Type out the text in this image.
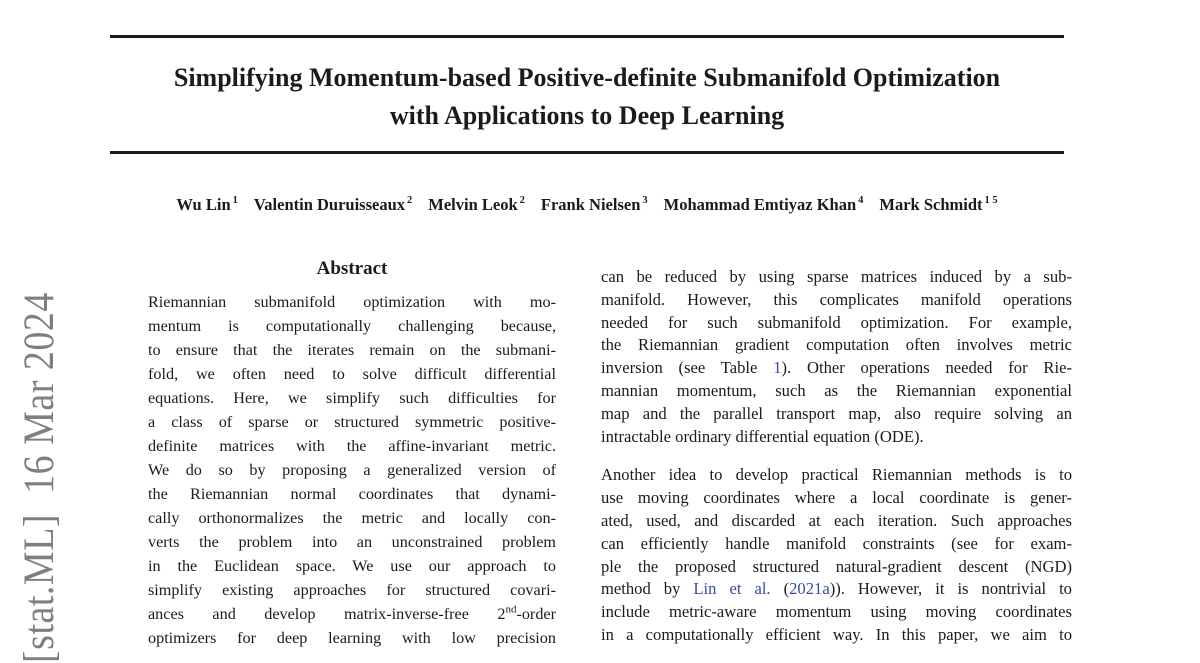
[stat.ML]  16 Mar 2024
Simplifying Momentum-based Positive-definite Submanifold Optimization
with Applications to Deep Learning
Wu Lin $^1$ Valentin Duruisseaux $^2$ Melvin Leok $^2$ Frank Nielsen $^3$ Mohammad Emtiyaz Khan $^4$ Mark Schmidt $^{1 5}$
Abstract
Riemannian submanifold optimization with mo-
mentum is computationally challenging because,
to ensure that the iterates remain on the submani-
fold, we often need to solve difficult differential
equations. Here, we simplify such difficulties for
a class of sparse or structured symmetric positive-
definite matrices with the affine-invariant metric.
We do so by proposing a generalized version of
the Riemannian normal coordinates that dynami-
cally orthonormalizes the metric and locally con-
verts the problem into an unconstrained problem
in the Euclidean space. We use our approach to
simplify existing approaches for structured covari-
ances and develop matrix-inverse-free 2nd-order
optimizers for deep learning with low precision
can be reduced by using sparse matrices induced by a sub-
manifold. However, this complicates manifold operations
needed for such submanifold optimization. For example,
the Riemannian gradient computation often involves metric
inversion (see Table 1). Other operations needed for Rie-
mannian momentum, such as the Riemannian exponential
map and the parallel transport map, also require solving an
intractable ordinary differential equation (ODE).
Another idea to develop practical Riemannian methods is to
use moving coordinates where a local coordinate is gener-
ated, used, and discarded at each iteration. Such approaches
can efficiently handle manifold constraints (see for exam-
ple the proposed structured natural-gradient descent (NGD)
method by Lin et al. (2021a)). However, it is nontrivial to
include metric-aware momentum using moving coordinates
in a computationally efficient way. In this paper, we aim to
